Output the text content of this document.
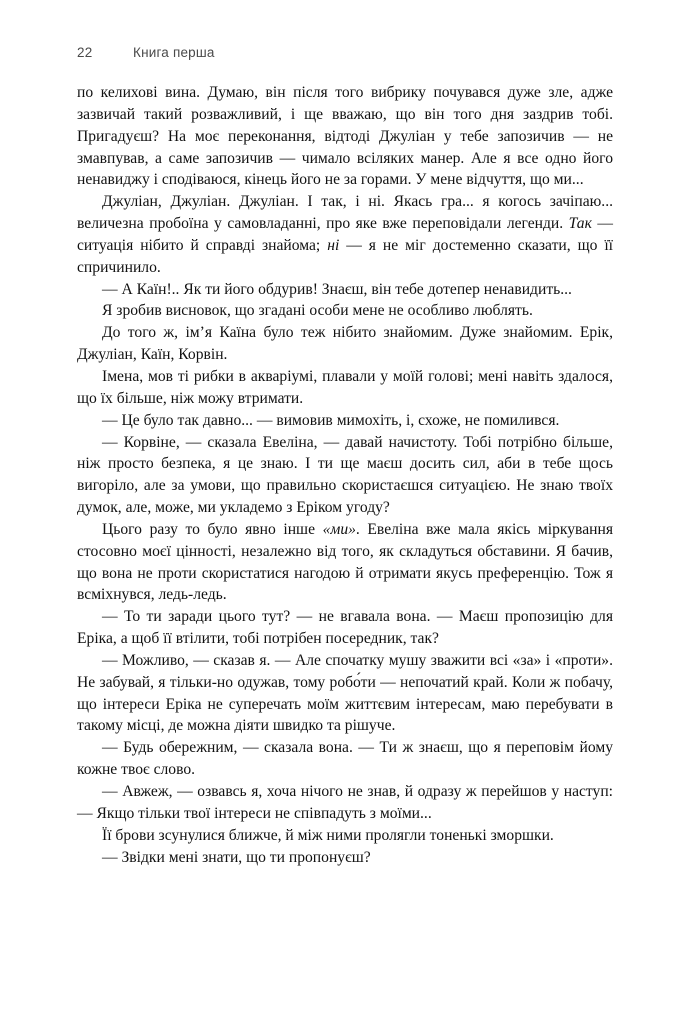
22	Книга перша

по келихові вина. Думаю, він після того вибрику почувався дуже зле, адже зазвичай такий розважливий, і ще вважаю, що він того дня заздрив тобі. Пригадуєш? На моє переконання, відтоді Джуліан у тебе запозичив — не змавпував, а саме запозичив — чимало всіляких манер. Але я все одно його ненавиджу і сподіваюся, кінець його не за горами. У мене відчуття, що ми...

Джуліан, Джуліан. Джуліан. І так, і ні. Якась гра... я когось зачіпаю... величезна пробоїна у самовладанні, про яке вже переповідали легенди. Так — ситуація нібито й справді знайома; ні — я не міг достеменно сказати, що її спричинило.

— А Каїн!.. Як ти його обдурив! Знаєш, він тебе дотепер ненавидить...

Я зробив висновок, що згадані особи мене не особливо люблять.

До того ж, ім’я Каїна було теж нібито знайомим. Дуже знайомим. Ерік, Джуліан, Каїн, Корвін.

Імена, мов ті рибки в акваріумі, плавали у моїй голові; мені навіть здалося, що їх більше, ніж можу втримати.

— Це було так давно... — вимовив мимохіть, і, схоже, не помилився.

— Корвіне, — сказала Евеліна, — давай начистоту. Тобі потрібно більше, ніж просто безпека, я це знаю. І ти ще маєш досить сил, аби в тебе щось вигоріло, але за умови, що правильно скористаєшся ситуацією. Не знаю твоїх думок, але, може, ми укладемо з Еріком угоду?

Цього разу то було явно інше «ми». Евеліна вже мала якісь міркування стосовно моєї цінності, незалежно від того, як складуться обставини. Я бачив, що вона не проти скористатися нагодою й отримати якусь преференцію. Тож я всміхнувся, ледь-ледь.

— То ти заради цього тут? — не вгавала вона. — Маєш пропозицію для Еріка, а щоб її втілити, тобі потрібен посередник, так?

— Можливо, — сказав я. — Але спочатку мушу зважити всі «за» і «проти». Не забувай, я тільки-но одужав, тому робо́ти — непочатий край. Коли ж побачу, що інтереси Еріка не суперечать моїм життєвим інтересам, маю перебувати в такому місці, де можна діяти швидко та рішуче.

— Будь обережним, — сказала вона. — Ти ж знаєш, що я переповім йому кожне твоє слово.

— Авжеж, — озвавсь я, хоча нічого не знав, й одразу ж перейшов у наступ: — Якщо тільки твої інтереси не співпадуть з моїми...

Її брови зсунулися ближче, й між ними пролягли тоненькі зморшки.

— Звідки мені знати, що ти пропонуєш?
